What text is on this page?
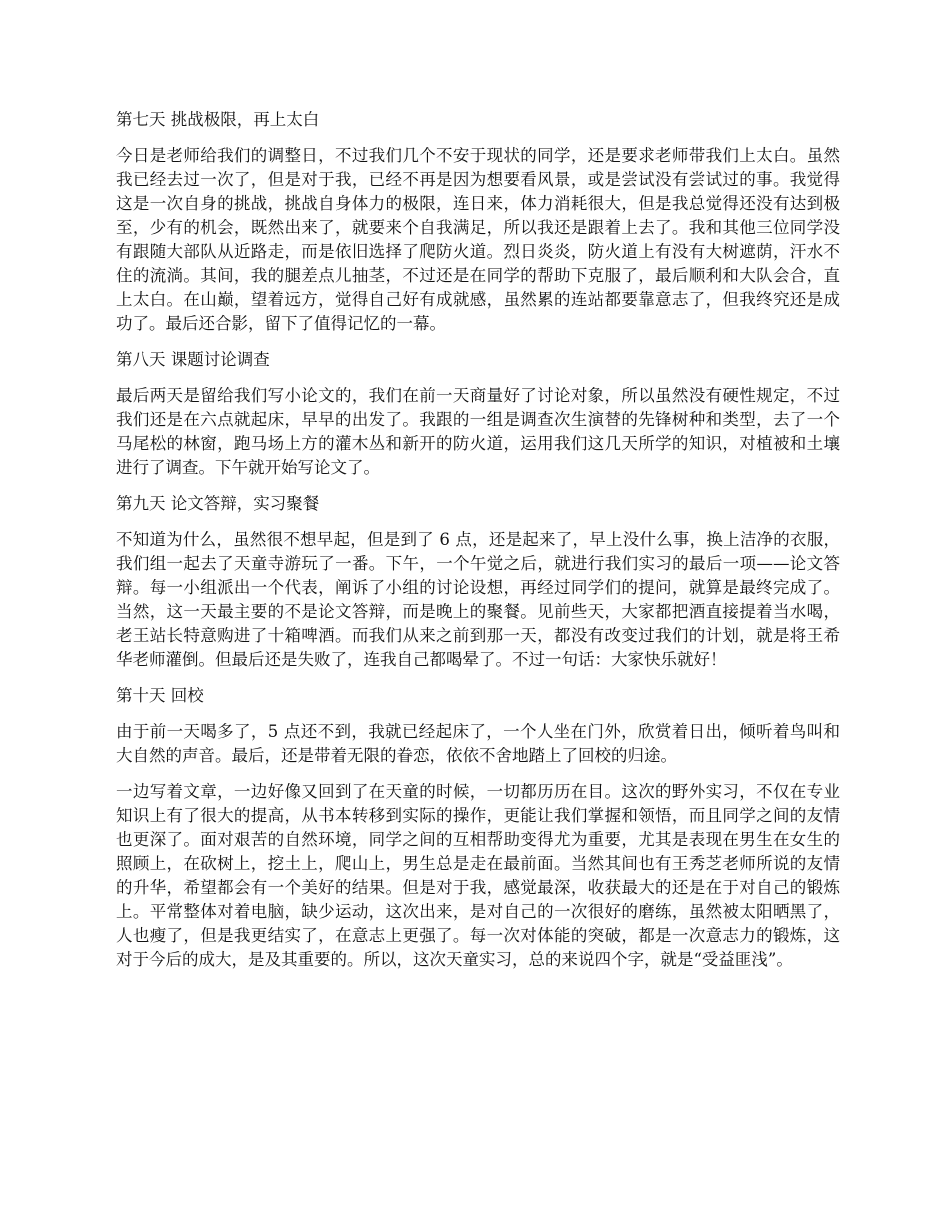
第七天 挑战极限，再上太白

今日是老师给我们的调整日，不过我们几个不安于现状的同学，还是要求老师带我们上太白。虽然我已经去过一次了，但是对于我，已经不再是因为想要看风景，或是尝试没有尝试过的事。我觉得这是一次自身的挑战，挑战自身体力的极限，连日来，体力消耗很大，但是我总觉得还没有达到极至，少有的机会，既然出来了，就要来个自我满足，所以我还是跟着上去了。我和其他三位同学没有跟随大部队从近路走，而是依旧选择了爬防火道。烈日炎炎，防火道上有没有大树遮荫，汗水不住的流淌。其间，我的腿差点儿抽茎，不过还是在同学的帮助下克服了，最后顺利和大队会合，直上太白。在山巅，望着远方，觉得自己好有成就感，虽然累的连站都要靠意志了，但我终究还是成功了。最后还合影，留下了值得记忆的一幕。

第八天 课题讨论调查

最后两天是留给我们写小论文的，我们在前一天商量好了讨论对象，所以虽然没有硬性规定，不过我们还是在六点就起床，早早的出发了。我跟的一组是调查次生演替的先锋树种和类型，去了一个马尾松的林窗，跑马场上方的灌木丛和新开的防火道，运用我们这几天所学的知识，对植被和土壤进行了调查。下午就开始写论文了。

第九天 论文答辩，实习聚餐

不知道为什么，虽然很不想早起，但是到了 6 点，还是起来了，早上没什么事，换上洁净的衣服，我们组一起去了天童寺游玩了一番。下午，一个午觉之后，就进行我们实习的最后一项——论文答辩。每一小组派出一个代表，阐诉了小组的讨论设想，再经过同学们的提问，就算是最终完成了。当然，这一天最主要的不是论文答辩，而是晚上的聚餐。见前些天，大家都把酒直接提着当水喝，老王站长特意购进了十箱啤酒。而我们从来之前到那一天，都没有改变过我们的计划，就是将王希华老师灌倒。但最后还是失败了，连我自己都喝晕了。不过一句话：大家快乐就好！

第十天 回校

由于前一天喝多了，5 点还不到，我就已经起床了，一个人坐在门外，欣赏着日出，倾听着鸟叫和大自然的声音。最后，还是带着无限的眷恋，依依不舍地踏上了回校的归途。

一边写着文章，一边好像又回到了在天童的时候，一切都历历在目。这次的野外实习，不仅在专业知识上有了很大的提高，从书本转移到实际的操作，更能让我们掌握和领悟，而且同学之间的友情也更深了。面对艰苦的自然环境，同学之间的互相帮助变得尤为重要，尤其是表现在男生在女生的照顾上，在砍树上，挖土上，爬山上，男生总是走在最前面。当然其间也有王秀芝老师所说的友情的升华，希望都会有一个美好的结果。但是对于我，感觉最深，收获最大的还是在于对自己的锻炼上。平常整体对着电脑，缺少运动，这次出来，是对自己的一次很好的磨练，虽然被太阳晒黑了，人也瘦了，但是我更结实了，在意志上更强了。每一次对体能的突破，都是一次意志力的锻炼，这对于今后的成大，是及其重要的。所以，这次天童实习，总的来说四个字，就是“受益匪浅”。
